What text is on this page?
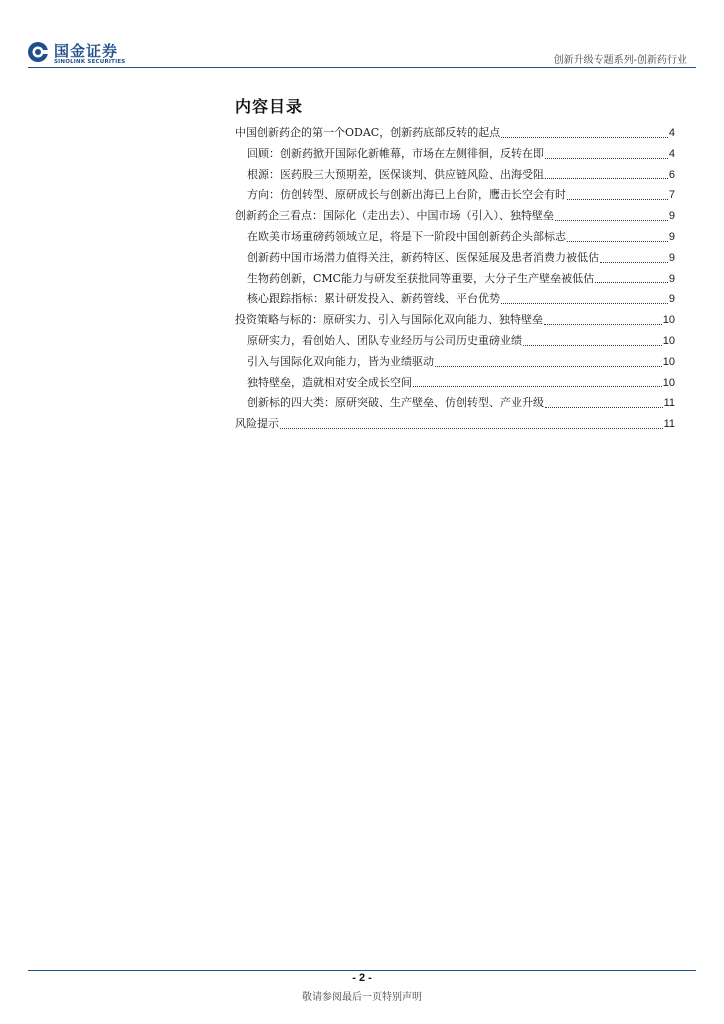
国金证券
SINOLINK SECURITIES	创新升级专题系列-创新药行业
内容目录
中国创新药企的第一个ODAC，创新药底部反转的起点	4
回顾：创新药掀开国际化新帷幕，市场在左侧徘徊，反转在即	4
根源：医药股三大预期差，医保谈判、供应链风险、出海受阻	6
方向：仿创转型、原研成长与创新出海已上台阶，鹰击长空会有时	7
创新药企三看点：国际化（走出去）、中国市场（引入）、独特壁垒	9
在欧美市场重磅药领域立足，将是下一阶段中国创新药企头部标志	9
创新药中国市场潜力值得关注，新药特区、医保延展及患者消费力被低估	9
生物药创新，CMC能力与研发至获批同等重要，大分子生产壁垒被低估	9
核心跟踪指标：累计研发投入、新药管线、平台优势	9
投资策略与标的：原研实力、引入与国际化双向能力、独特壁垒	10
原研实力，看创始人、团队专业经历与公司历史重磅业绩	10
引入与国际化双向能力，皆为业绩驱动	10
独特壁垒，造就相对安全成长空间	10
创新标的四大类：原研突破、生产壁垒、仿创转型、产业升级	11
风险提示	11
- 2 -
敬请参阅最后一页特别声明
